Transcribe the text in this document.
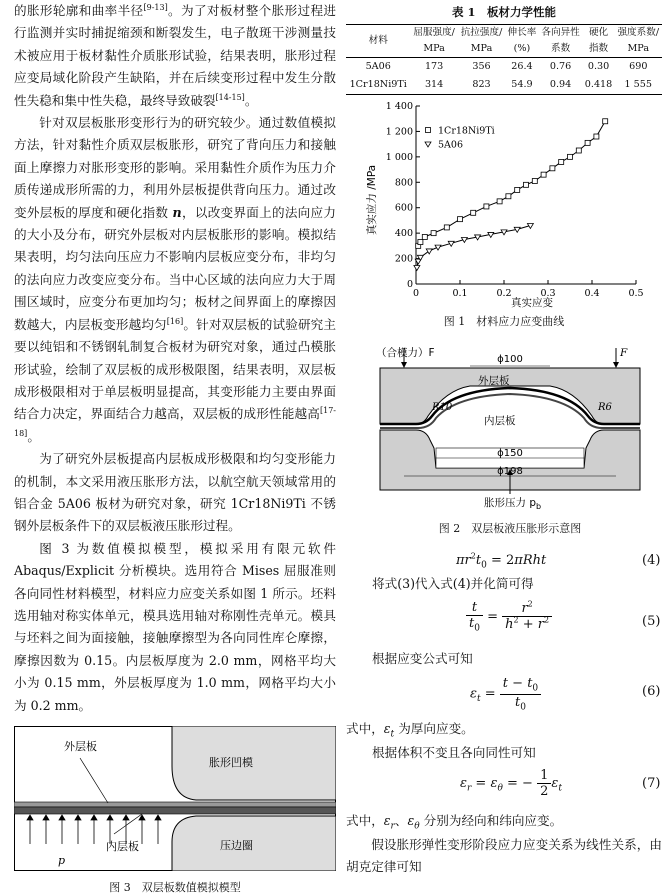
的胀形轮廓和曲率半径[9-13]。为了对板材整个胀形过程进行监测并实时捕捉缩颈和断裂发生，电子散斑干涉测量技术被应用于板材黏性介质胀形试验，结果表明，胀形过程应变局域化阶段产生缺陷，并在后续变形过程中发生分散性失稳和集中性失稳，最终导致破裂[14-15]。

针对双层板胀形变形行为的研究较少。通过数值模拟方法，针对黏性介质双层板胀形，研究了背向压力和接触面上摩擦力对胀形变形的影响。采用黏性介质作为压力介质传递成形所需的力，利用外层板提供背向压力。通过改变外层板的厚度和硬化指数 n，以改变界面上的法向应力的大小及分布，研究外层板对内层板胀形的影响。模拟结果表明，均匀法向压应力不影响内层板应变分布，非均匀的法向应力改变应变分布。当中心区域的法向应力大于周围区域时，应变分布更加均匀；板材之间界面上的摩擦因数越大，内层板变形越均匀[16]。针对双层板的试验研究主要以纯铝和不锈钢轧制复合板材为研究对象，通过凸模胀形试验，绘制了双层板的成形极限图，结果表明，双层板成形极限相对于单层板明显提高，其变形能力主要由界面结合力决定，界面结合力越高，双层板的成形性能越高[17-18]。

为了研究外层板提高内层板成形极限和均匀变形能力的机制，本文采用液压胀形方法，以航空航天领域常用的铝合金 5A06 板材为研究对象，研究 1Cr18Ni9Ti 不锈钢外层板条件下的双层板液压胀形过程。

图 3 为数值模拟模型，模拟采用有限元软件 Abaqus/Explicit 分析模块。选用符合 Mises 屈服准则各向同性材料模型，材料应力应变关系如图 1 所示。坯料选用轴对称实体单元，模具选用轴对称刚性壳单元。模具与坯料之间为面接触，接触摩擦型为各向同性库仑摩擦，摩擦因数为 0.15。内层板厚度为 2.0 mm，网格平均大小为 0.15 mm，外层板厚度为 1.0 mm，网格平均大小为 0.2 mm。

外层板
胀形凹模
p
内层板	压边圈
图 3　双层板数值模拟模型
表 1　板材力学性能
材料	屈服强度/	抗拉强度/	伸长率	各向异性	硬化	强度系数/
	MPa	MPa	(%)	系数	指数	MPa
5A06	173	356	26.4	0.76	0.30	690
1Cr18Ni9Ti	314	823	54.9	0.94	0.418	1 555
0	0.1	0.2	0.3	0.4	0.5
0
200
400
600
800
1 000
1 200
1 400
1Cr18Ni9Ti
5A06
真实应变
真实应力 /MPa
图 1　材料应力应变曲线
（合模力）F	F
ϕ100
外层板
内层板
R10	R6
ϕ150
ϕ198
胀形压力 $p_b$
图 2　双层板液压胀形示意图
$\pi r^2t_0 = 2\pi Rht$	(4)
将式(3)代入式(4)并化简可得
$\frac{t}{t_0} = \frac{r^2}{h^2 + r^2}$	(5)
根据应变公式可知
$\varepsilon_t = \frac{t - t_0}{t_0}$	(6)
式中，$\varepsilon_t$ 为厚向应变。
根据体积不变且各向同性可知
$\varepsilon_r = \varepsilon_\theta$ = − $\frac{1}{2} \varepsilon_t$	(7)
式中，$\varepsilon_r$、$\varepsilon_\theta$ 分别为经向和纬向应变。

假设胀形弹性变形阶段应力应变关系为线性关系，由胡克定律可知
